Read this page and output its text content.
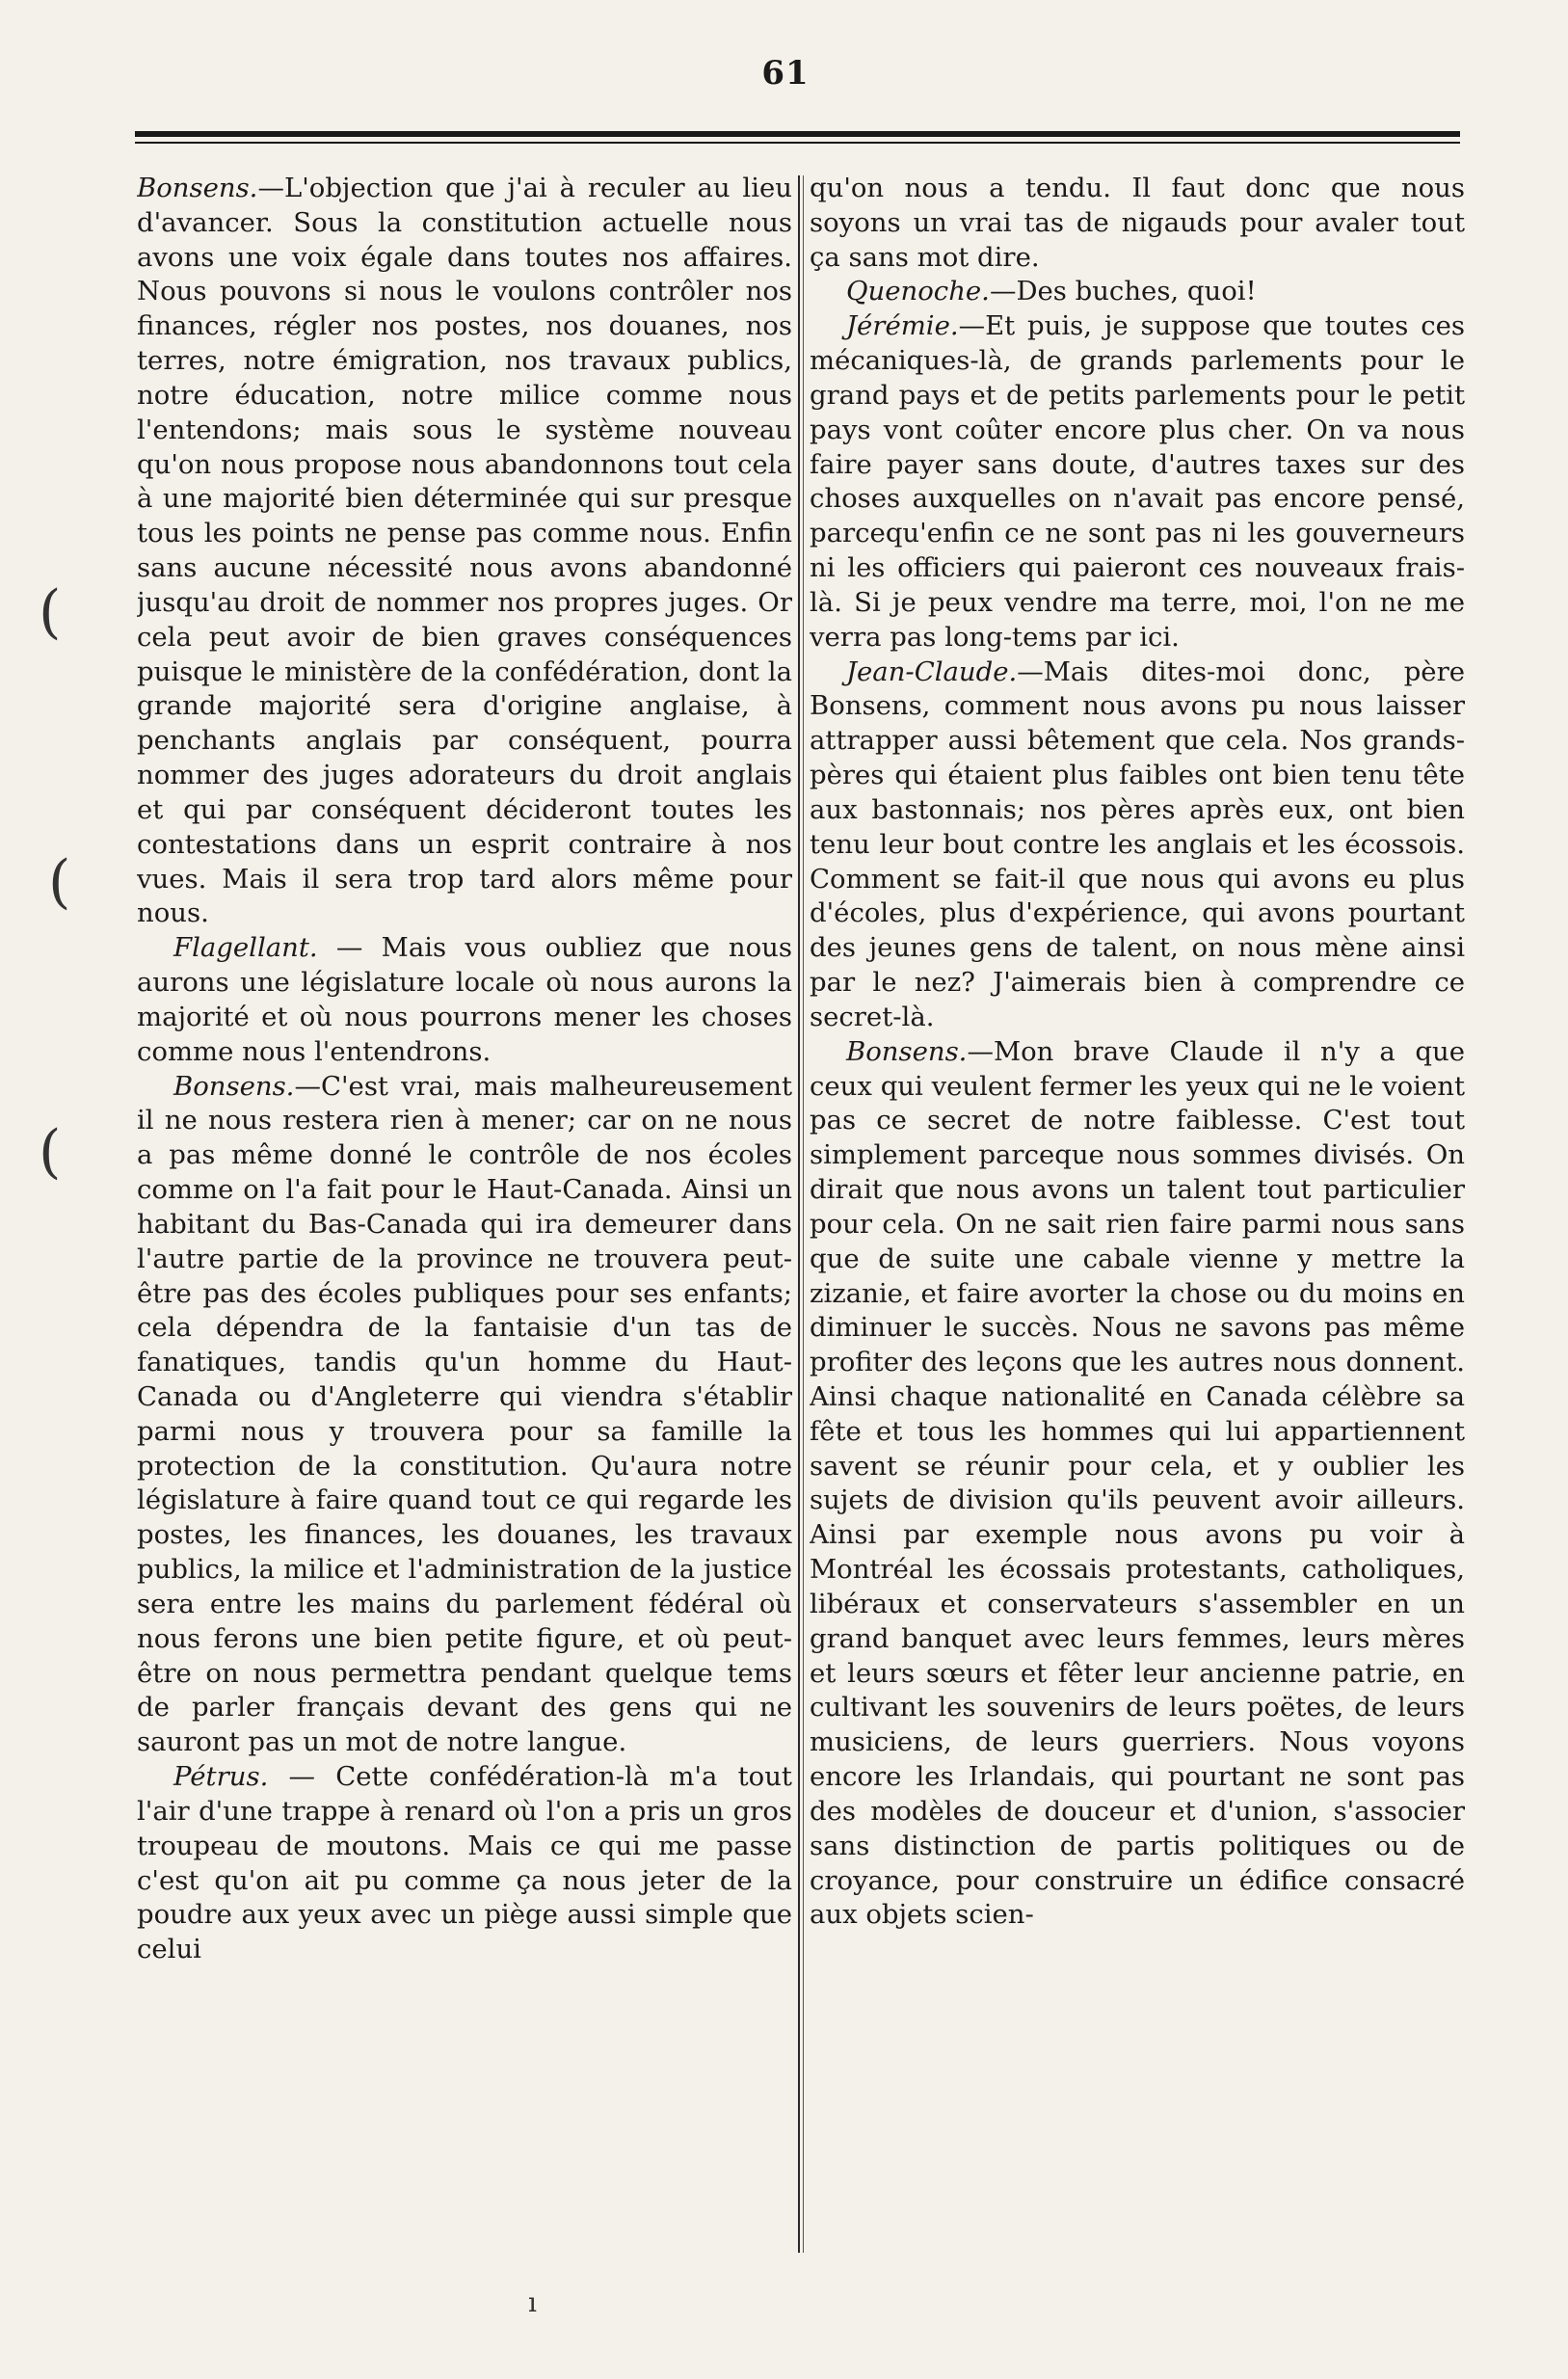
61
(
(
(

Bonsens.—L'objection que j'ai à reculer au lieu d'avancer. Sous la constitution actuelle nous avons une voix égale dans toutes nos affaires. Nous pouvons si nous le voulons contrôler nos finances, régler nos postes, nos douanes, nos terres, notre émigration, nos travaux publics, notre éducation, notre milice comme nous l'entendons; mais sous le système nouveau qu'on nous propose nous abandonnons tout cela à une majorité bien déterminée qui sur presque tous les points ne pense pas comme nous. Enfin sans aucune nécessité nous avons abandonné jusqu'au droit de nommer nos propres juges. Or cela peut avoir de bien graves conséquences puisque le ministère de la confédération, dont la grande majorité sera d'origine anglaise, à penchants anglais par conséquent, pourra nommer des juges adorateurs du droit anglais et qui par conséquent décideront toutes les contestations dans un esprit contraire à nos vues. Mais il sera trop tard alors même pour nous.

Flagellant. — Mais vous oubliez que nous aurons une législature locale où nous aurons la majorité et où nous pourrons mener les choses comme nous l'entendrons.

Bonsens.—C'est vrai, mais malheureusement il ne nous restera rien à mener; car on ne nous a pas même donné le contrôle de nos écoles comme on l'a fait pour le Haut-Canada. Ainsi un habitant du Bas-Canada qui ira demeurer dans l'autre partie de la province ne trouvera peut-être pas des écoles publiques pour ses enfants; cela dépendra de la fantaisie d'un tas de fanatiques, tandis qu'un homme du Haut-Canada ou d'Angleterre qui viendra s'établir parmi nous y trouvera pour sa famille la protection de la constitution. Qu'aura notre législature à faire quand tout ce qui regarde les postes, les finances, les douanes, les travaux publics, la milice et l'administration de la justice sera entre les mains du parlement fédéral où nous ferons une bien petite figure, et où peut-être on nous permettra pendant quelque tems de parler français devant des gens qui ne sauront pas un mot de notre langue.

Pétrus. — Cette confédération-là m'a tout l'air d'une trappe à renard où l'on a pris un gros troupeau de moutons. Mais ce qui me passe c'est qu'on ait pu comme ça nous jeter de la poudre aux yeux avec un piège aussi simple que celui

qu'on nous a tendu. Il faut donc que nous soyons un vrai tas de nigauds pour avaler tout ça sans mot dire.

Quenoche.—Des buches, quoi!

Jérémie.—Et puis, je suppose que toutes ces mécaniques-là, de grands parlements pour le grand pays et de petits parlements pour le petit pays vont coûter encore plus cher. On va nous faire payer sans doute, d'autres taxes sur des choses auxquelles on n'avait pas encore pensé, parcequ'enfin ce ne sont pas ni les gouverneurs ni les officiers qui paieront ces nouveaux frais-là. Si je peux vendre ma terre, moi, l'on ne me verra pas long-tems par ici.

Jean-Claude.—Mais dites-moi donc, père Bonsens, comment nous avons pu nous laisser attrapper aussi bêtement que cela. Nos grands-pères qui étaient plus faibles ont bien tenu tête aux bastonnais; nos pères après eux, ont bien tenu leur bout contre les anglais et les écossois. Comment se fait-il que nous qui avons eu plus d'écoles, plus d'expérience, qui avons pourtant des jeunes gens de talent, on nous mène ainsi par le nez? J'aimerais bien à comprendre ce secret-là.

Bonsens.—Mon brave Claude il n'y a que ceux qui veulent fermer les yeux qui ne le voient pas ce secret de notre faiblesse. C'est tout simplement parceque nous sommes divisés. On dirait que nous avons un talent tout particulier pour cela. On ne sait rien faire parmi nous sans que de suite une cabale vienne y mettre la zizanie, et faire avorter la chose ou du moins en diminuer le succès. Nous ne savons pas même profiter des leçons que les autres nous donnent. Ainsi chaque nationalité en Canada célèbre sa fête et tous les hommes qui lui appartiennent savent se réunir pour cela, et y oublier les sujets de division qu'ils peuvent avoir ailleurs. Ainsi par exemple nous avons pu voir à Montréal les écossais protestants, catholiques, libéraux et conservateurs s'assembler en un grand banquet avec leurs femmes, leurs mères et leurs sœurs et fêter leur ancienne patrie, en cultivant les souvenirs de leurs poëtes, de leurs musiciens, de leurs guerriers. Nous voyons encore les Irlandais, qui pourtant ne sont pas des modèles de douceur et d'union, s'associer sans distinction de partis politiques ou de croyance, pour construire un édifice consacré aux objets scien-

ı
